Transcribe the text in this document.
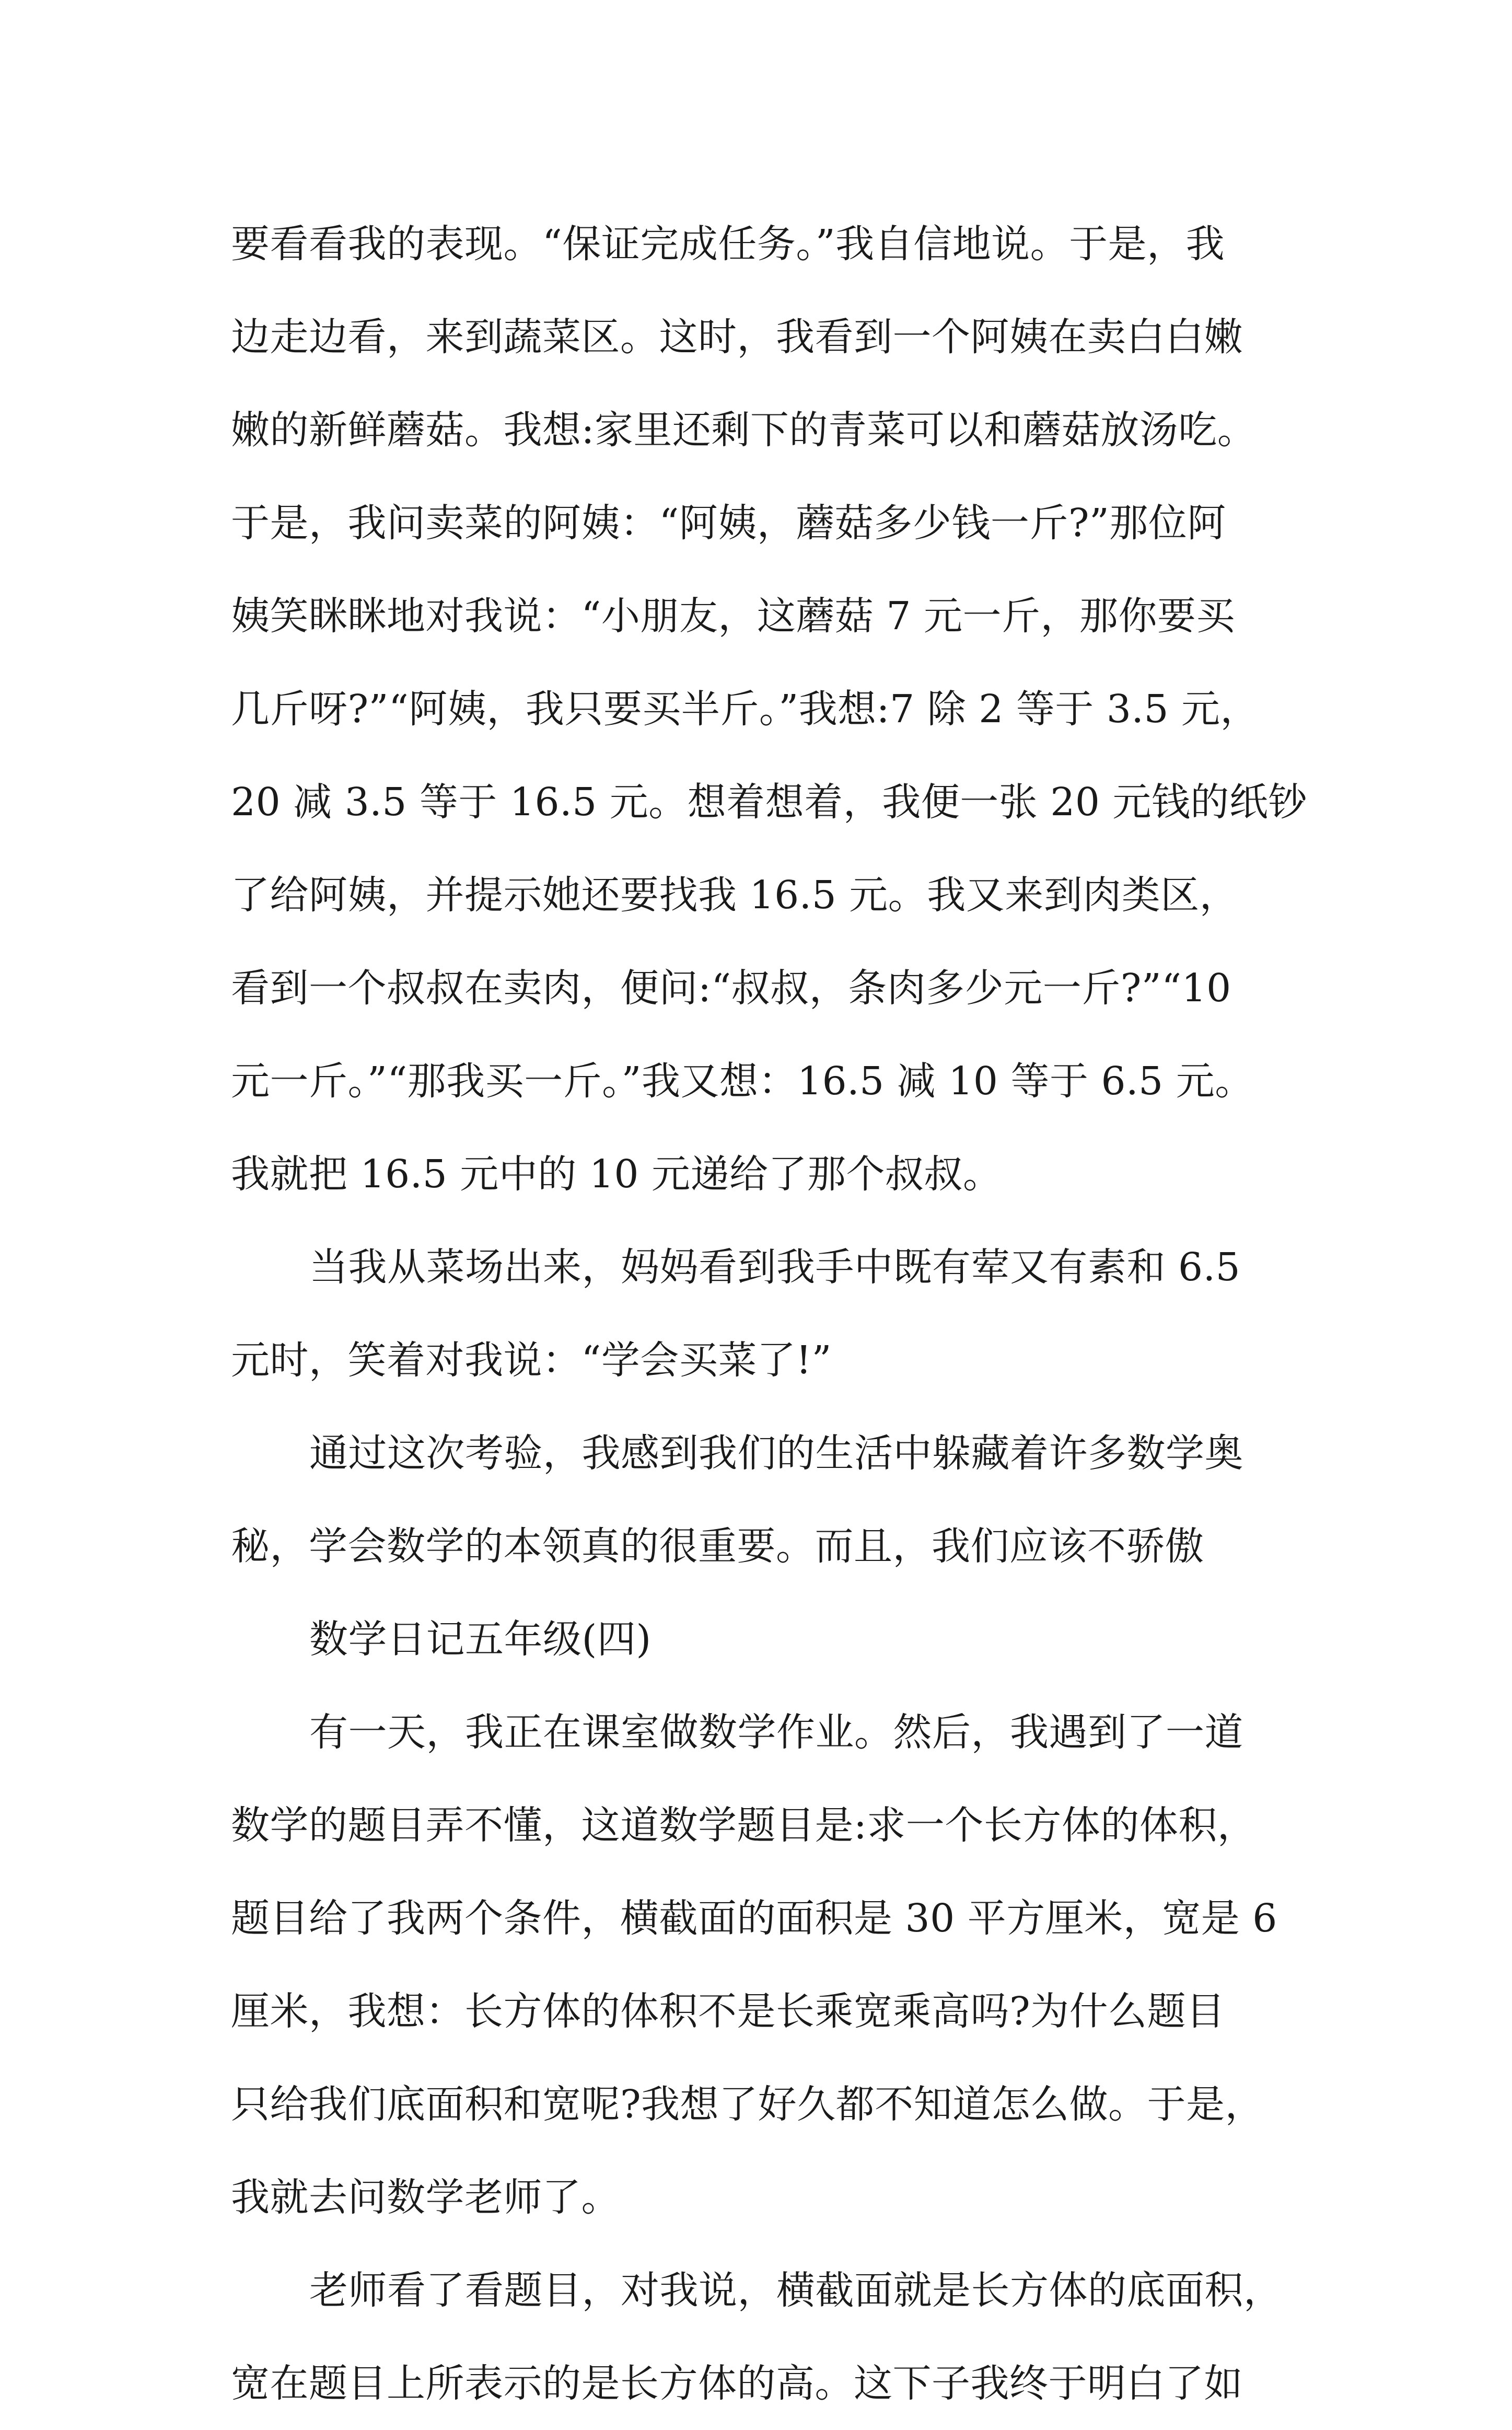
要看看我的表现。“保证完成任务。”我自信地说。于是，我
边走边看，来到蔬菜区。这时，我看到一个阿姨在卖白白嫩
嫩的新鲜蘑菇。我想:家里还剩下的青菜可以和蘑菇放汤吃。
于是，我问卖菜的阿姨：“阿姨，蘑菇多少钱一斤?”那位阿
姨笑眯眯地对我说：“小朋友，这蘑菇 7 元一斤，那你要买
几斤呀?”“阿姨，我只要买半斤。”我想:7 除 2 等于 3.5 元，
20 减 3.5 等于 16.5 元。想着想着，我便一张 20 元钱的纸钞
了给阿姨，并提示她还要找我 16.5 元。我又来到肉类区，
看到一个叔叔在卖肉，便问:“叔叔，条肉多少元一斤?”“10
元一斤。”“那我买一斤。”我又想：16.5 减 10 等于 6.5 元。
我就把 16.5 元中的 10 元递给了那个叔叔。
当我从菜场出来，妈妈看到我手中既有荤又有素和 6.5
元时，笑着对我说：“学会买菜了!”
通过这次考验，我感到我们的生活中躲藏着许多数学奥
秘，学会数学的本领真的很重要。而且，我们应该不骄傲
数学日记五年级(四)
有一天，我正在课室做数学作业。然后，我遇到了一道
数学的题目弄不懂，这道数学题目是:求一个长方体的体积，
题目给了我两个条件，横截面的面积是 30 平方厘米，宽是 6
厘米，我想：长方体的体积不是长乘宽乘高吗?为什么题目
只给我们底面积和宽呢?我想了好久都不知道怎么做。于是，
我就去问数学老师了。
老师看了看题目，对我说，横截面就是长方体的底面积，
宽在题目上所表示的是长方体的高。这下子我终于明白了如
